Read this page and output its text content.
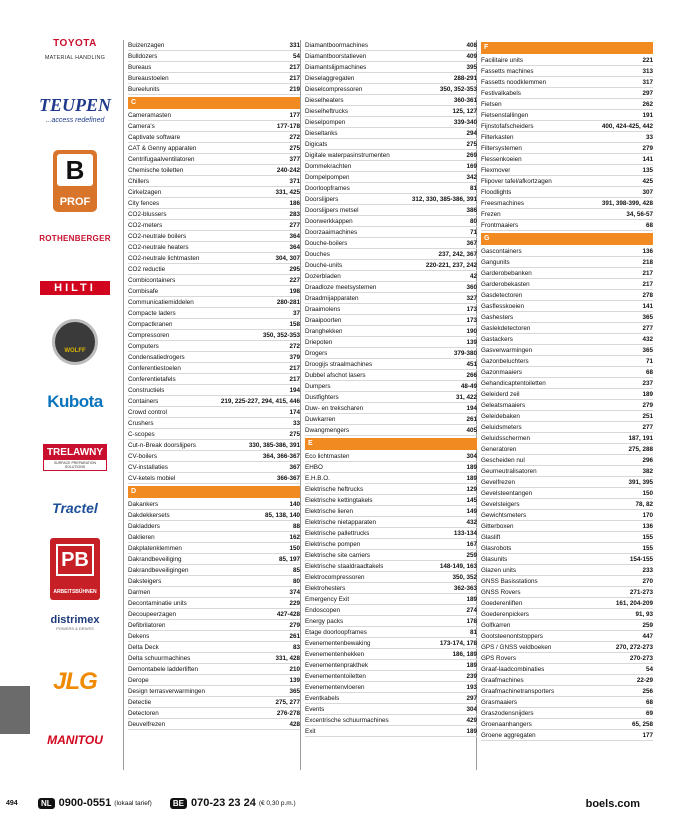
TOYOTA
MATERIAL HANDLING
TEUPEN
...access redefined
B
PROF
ROTHENBERGER
HILTI
WOLFF
Kubota
TRELAWNY
SURFACE PREPARATION SOLUTIONS
Tractel
PB
ARBEITSBÜHNEN
distrimex
POWERS & DRIVES
JLG
MANITOU
Buizenzagen	331
Bulldozers	54
Bureaus	217
Bureaustoelen	217
Bureelunits	219
C
Cameramasten	177
Camera's	177-178
Captivate software	272
CAT & Genny apparaten	275
Centrifugaalventilatoren	377
Chemische toiletten	240-242
Chillers	371
Cirkelzagen	331, 425
City fences	186
CO2-blussers	283
CO2-meters	277
CO2-neutrale boilers	364
CO2-neutrale heaters	364
CO2-neutrale lichtmasten	304, 307
CO2 reductie	295
Combicontainers	227
Combisafe	198
Communicatiemiddelen	280-281
Compacte laders	37
Compactkranen	158
Compressoren	350, 352-353
Computers	272
Condensatiedrogers	379
Conferentiestoelen	217
Conferentietafels	217
Constructiels	194
Containers	219, 225-227, 294, 415, 446
Crowd control	174
Crushers	33
C-scopes	275
Cut-n-Break doorslijpers	330, 385-386, 391
CV-boilers	364, 366-367
CV-installaties	367
CV-ketels mobiel	366-367
D
Dakankers	140
Dakdekkersets	85, 138, 140
Dakladders	88
Daklieren	162
Dakplatenklemmen	150
Dakrandbeveiliging	85, 197
Dakrandbeveiligingen	85
Daksteigers	80
Darmen	374
Decontaminatie units	229
Decoupeerzagen	427-428
Defibrilatoren	279
Dekens	261
Delta Deck	83
Delta schuurmachines	331, 428
Demontabele ladderliften	210
Derope	139
Design terrasverwarmingen	365
Detectie	275, 277
Detectoren	276-278
Deuvelfrezen	428
Diamantboormachines	408
Diamantboorstatieven	409
Diamantslijpmachines	395
Dieselaggregaten	288-291
Dieselcompressoren	350, 352-353
Dieselheaters	360-361
Dieselheftrucks	125, 127
Dieselpompen	339-340
Dieseltanks	294
Digicats	275
Digitale waterpasinstrumenten	269
Dommekrachten	169
Dompelpompen	342
Doorloopframes	81
Doorslijpers	312, 330, 385-386, 391
Doorslijpers metsel	386
Doorwerkkappen	80
Doorzaaimachines	71
Douche-boilers	367
Douches	237, 242, 367
Douche-units	220-221, 237, 242
Dozerbladen	42
Draadloze meetsystemen	360
Draadmijapparaten	327
Draaimolens	173
Draaipoorten	173
Dranghekken	190
Driepoten	139
Drogers	379-380
Droogijs straalmachines	451
Dubbel afschot lasers	266
Dumpers	48-49
Dustfighters	31, 422
Duw- en trekscharen	194
Duwkarren	261
Dwangmengers	405
E
Eco lichtmasten	304
EHBO	189
E.H.B.O.	189
Elektrische heftrucks	129
Elektrische kettingtakels	145
Elektrische lieren	149
Elektrische nietapparaten	432
Elektrische pallettrucks	133-134
Elektrische pompen	167
Elektrische site carriers	259
Elektrische staaldraadtakels	148-149, 163
Elektrocompressoren	350, 352
Elektrohesters	362-363
Emergency Exit	189
Endoscopen	274
Energy packs	178
Etage doorloopframes	81
Evenementenbewaking	173-174, 178
Evenementenhekken	186, 189
Evenementenprakthek	189
Evenemententoiletten	239
Evenementenvloeren	193
Eventkabels	297
Events	304
Excentrische schuurmachines	429
Exit	189
F
Facilitaire units	221
Fassetts machines	313
Fassetts noodklemmen	317
Festivalkabels	297
Fietsen	262
Fietsenstallingen	191
Fijnstofafscheiders	400, 424-425, 442
Filterkasten	33
Filtersystemen	279
Flessenkoeien	141
Flexmover	135
Flipover tafel/afkortzagen	425
Floodlights	307
Freesmachines	391, 398-399, 428
Frezen	34, 56-57
Frontmaaiers	68
G
Gascontainers	136
Gangunits	218
Garderobebanken	217
Garderobekasten	217
Gasdetectoren	278
Gasflesskoeien	141
Gashesters	365
Gaslekdetectoren	277
Gastackers	432
Gasverwarmingen	365
Gazonbeluchters	71
Gazonmaaiers	68
Gehandicaptentoiletten	237
Geleiderd zeil	189
Geleatsmaaiers	279
Geleidebaken	251
Geluidsmeters	277
Geluidsschermen	187, 191
Generatoren	275, 288
Gescheiden nul	296
Geurneutralisatoren	382
Gevelfrezen	391, 395
Gevelsteentangen	150
Gevelsteigers	78, 82
Gewichtsmeters	170
Gitterboxen	136
Glaslift	155
Glasrobots	155
Glasunits	154-155
Glazen units	233
GNSS Basisstations	270
GNSS Rovers	271-273
Goederenliften	161, 204-209
Goederenpickers	91, 93
Golfkarren	259
Gootsteenontstoppers	447
GPS / GNSS veldboeken	270, 272-273
GPS Rovers	270-273
Graaf-laadcombinaties	54
Graafmachines	22-29
Graafmachinetransporters	256
Grasmaaiers	68
Graszodensnijders	69
Groenaanhangers	65, 258
Groene aggregaten	177
494	NL 0900-0551 (lokaal tarief)	BE 070-23 23 24 (€ 0,30 p.m.)	boels.com
